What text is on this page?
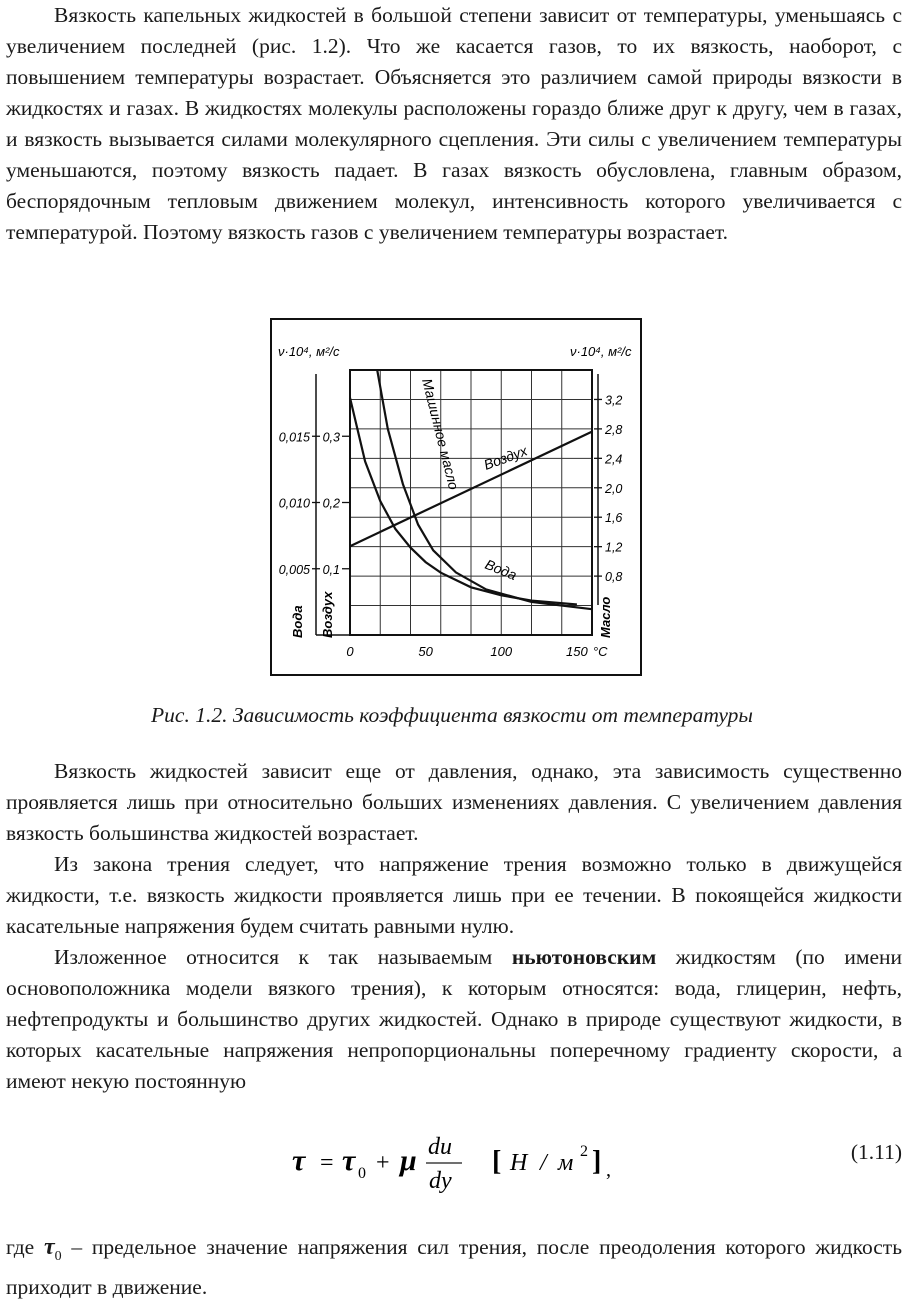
Вязкость капельных жидкостей в большой степени зависит от температуры, уменьшаясь с увеличением последней (рис. 1.2). Что же касается газов, то их вязкость, наоборот, с повышением температуры возрастает. Объясняется это различием самой природы вязкости в жидкостях и газах. В жидкостях молекулы расположены гораздо ближе друг к другу, чем в газах, и вязкость вызывается силами молекулярного сцепления. Эти силы с увеличением температуры уменьшаются, поэтому вязкость падает. В газах вязкость обусловлена, главным образом, беспорядочным тепловым движением молекул, интенсивность которого увеличивается с температурой. Поэтому вязкость газов с увеличением температуры возрастает.

ν·10⁴, м²/с	ν·10⁴, м²/с
0,015
0,010
0,005
0,3
0,2
0,1
3,2
2,8
2,4
2,0
1,6
1,2
0,8
0	50	100	150 °C
Вода Воздух	Масло
Воздух
Вода
Машинное масло
Рис. 1.2. Зависимость коэффициента вязкости от температуры

Вязкость жидкостей зависит еще от давления, однако, эта зависимость существенно проявляется лишь при относительно больших изменениях давления. С увеличением давления вязкость большинства жидкостей возрастает.

Из закона трения следует, что напряжение трения возможно только в движущейся жидкости, т.е. вязкость жидкости проявляется лишь при ее течении. В покоящейся жидкости касательные напряжения будем считать равными нулю.

Изложенное относится к так называемым ньютоновским жидкостям (по имени основоположника модели вязкого трения), к которым относятся: вода, глицерин, нефть, нефтепродукты и большинство других жидкостей. Однако в природе существуют жидкости, в которых касательные напряжения непропорциональны поперечному градиенту скорости, а имеют некую постоянную

τ = τ 0 + μ du
dy
[ Н / м 2 ] ,
(1.11)

где $\tau_0$ – предельное значение напряжения сил трения, после преодоления которого жидкость приходит в движение.
